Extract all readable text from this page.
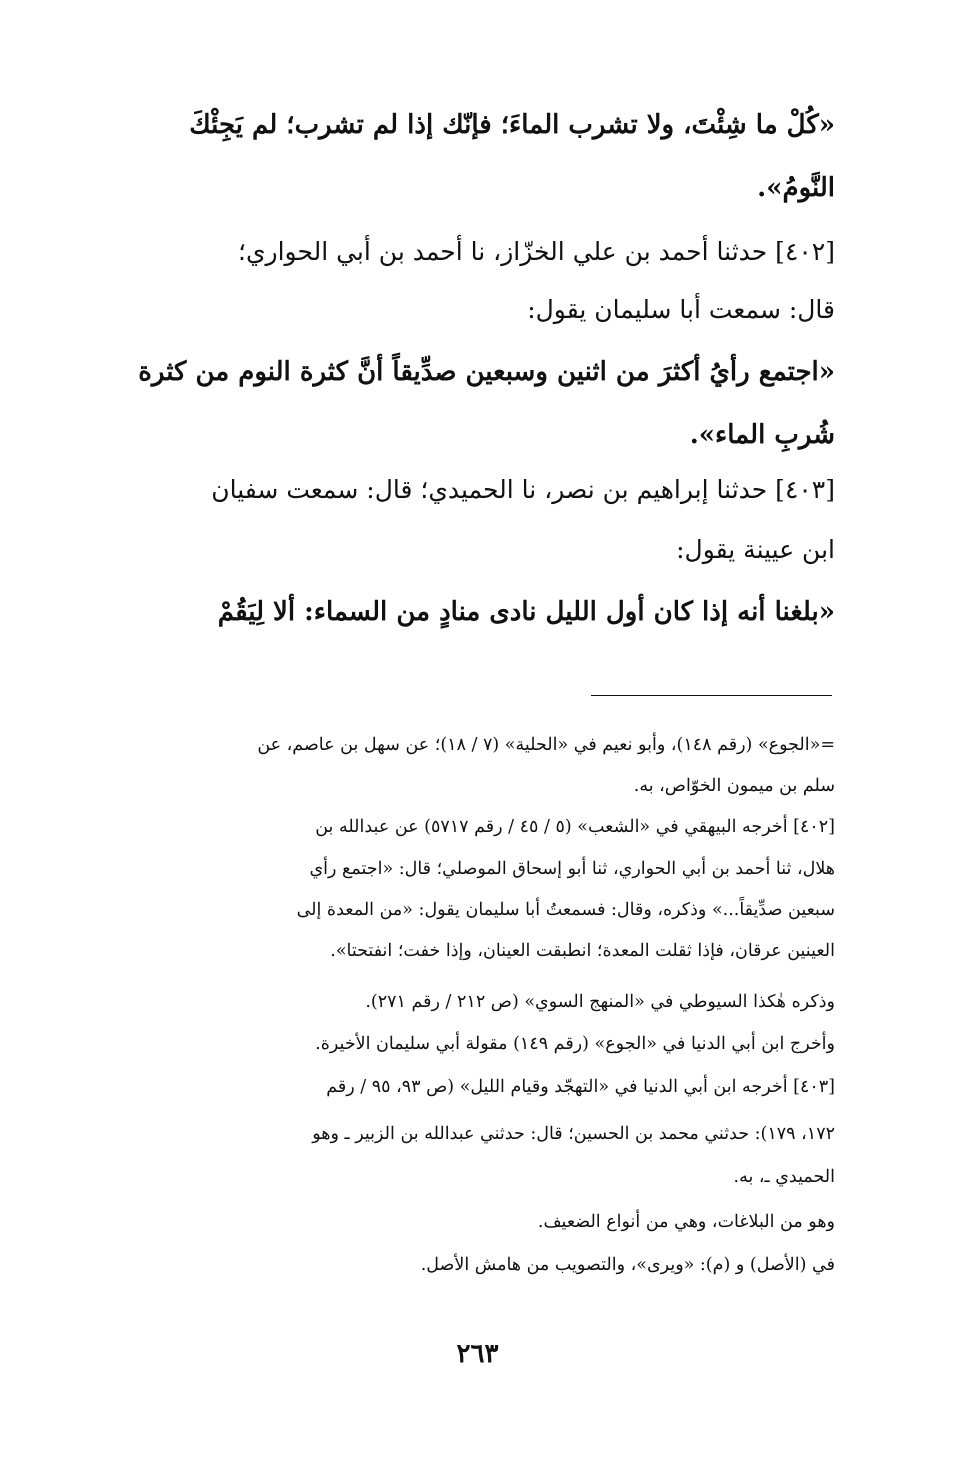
«كُلْ ما شِئْتَ، ولا تشرب الماءَ؛ فإنّك إذا لم تشرب؛ لم يَجِئْكَ
النَّومُ».
[٤٠٢] حدثنا أحمد بن علي الخزّاز، نا أحمد بن أبي الحواري؛
قال: سمعت أبا سليمان يقول:
«اجتمع رأيُ أكثرَ من اثنين وسبعين صدِّيقاً أنَّ كثرة النوم من كثرة
شُربِ الماء».
[٤٠٣] حدثنا إبراهيم بن نصر، نا الحميدي؛ قال: سمعت سفيان
ابن عيينة يقول:
«بلغنا أنه إذا كان أول الليل نادى منادٍ من السماء: ألا لِيَقُمْ
=«الجوع» (رقم ١٤٨)، وأبو نعيم في «الحلية» (٧ / ١٨)؛ عن سهل بن عاصم، عن
سلم بن ميمون الخوّاص، به.
[٤٠٢] أخرجه البيهقي في «الشعب» (٥ / ٤٥ / رقم ٥٧١٧) عن عبدالله بن
هلال، ثنا أحمد بن أبي الحواري، ثنا أبو إسحاق الموصلي؛ قال: «اجتمع رأي
سبعين صدِّيقاً...» وذكره، وقال: فسمعتُ أبا سليمان يقول: «من المعدة إلى
العينين عرقان، فإذا ثقلت المعدة؛ انطبقت العينان، وإذا خفت؛ انفتحتا».
وذكره هٰكذا السيوطي في «المنهج السوي» (ص ٢١٢ / رقم ٢٧١).
وأخرج ابن أبي الدنيا في «الجوع» (رقم ١٤٩) مقولة أبي سليمان الأخيرة.
[٤٠٣] أخرجه ابن أبي الدنيا في «التهجّد وقيام الليل» (ص ٩٣، ٩٥ / رقم
١٧٢، ١٧٩): حدثني محمد بن الحسين؛ قال: حدثني عبدالله بن الزبير ـ وهو
الحميدي ـ، به.
وهو من البلاغات، وهي من أنواع الضعيف.
في (الأصل) و (م): «ويرى»، والتصويب من هامش الأصل.
٢٦٣
